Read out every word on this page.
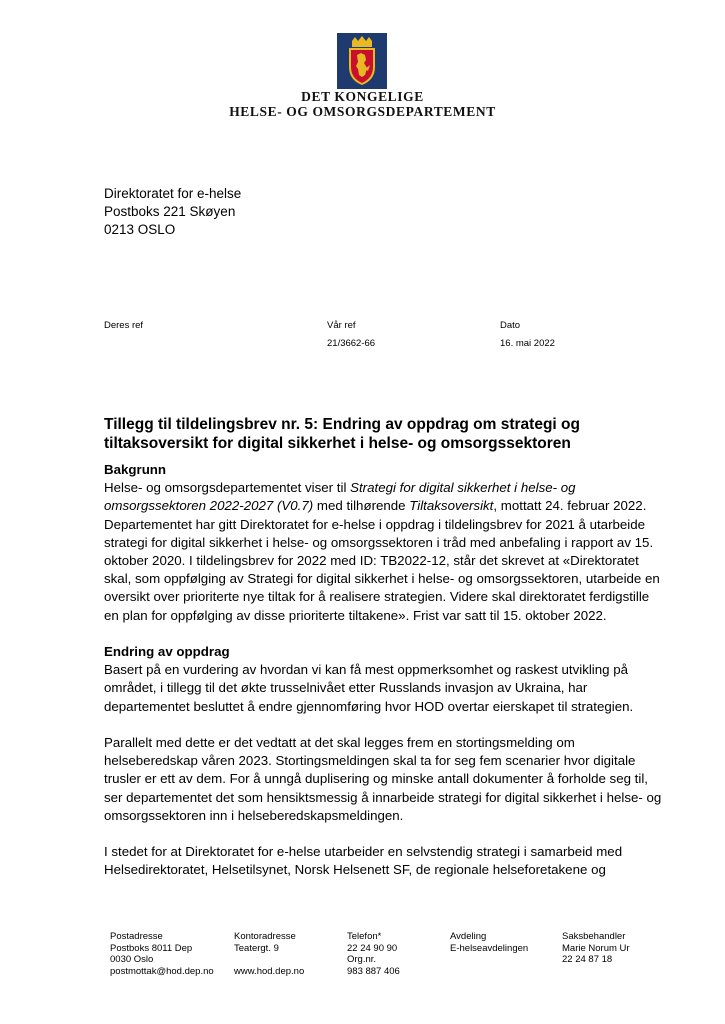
DET KONGELIGE
HELSE- OG OMSORGSDEPARTEMENT
Direktoratet for e-helse
Postboks 221 Skøyen
0213 OSLO
Deres ref	Vår ref
21/3662-66
Dato
16. mai 2022
Tillegg til tildelingsbrev nr. 5: Endring av oppdrag om strategi og tiltaksoversikt for digital sikkerhet i helse- og omsorgssektoren
Bakgrunn

Helse- og omsorgsdepartementet viser til Strategi for digital sikkerhet i helse- og omsorgssektoren 2022-2027 (V0.7) med tilhørende Tiltaksoversikt, mottatt 24. februar 2022. Departementet har gitt Direktoratet for e-helse i oppdrag i tildelingsbrev for 2021 å utarbeide strategi for digital sikkerhet i helse- og omsorgssektoren i tråd med anbefaling i rapport av 15. oktober 2020. I tildelingsbrev for 2022 med ID: TB2022-12, står det skrevet at «Direktoratet skal, som oppfølging av Strategi for digital sikkerhet i helse- og omsorgssektoren, utarbeide en oversikt over prioriterte nye tiltak for å realisere strategien. Videre skal direktoratet ferdigstille en plan for oppfølging av disse prioriterte tiltakene». Frist var satt til 15. oktober 2022.

Endring av oppdrag

Basert på en vurdering av hvordan vi kan få mest oppmerksomhet og raskest utvikling på området, i tillegg til det økte trusselnivået etter Russlands invasjon av Ukraina, har departementet besluttet å endre gjennomføring hvor HOD overtar eierskapet til strategien.

Parallelt med dette er det vedtatt at det skal legges frem en stortingsmelding om helseberedskap våren 2023. Stortingsmeldingen skal ta for seg fem scenarier hvor digitale trusler er ett av dem. For å unngå duplisering og minske antall dokumenter å forholde seg til, ser departementet det som hensiktsmessig å innarbeide strategi for digital sikkerhet i helse- og omsorgssektoren inn i helseberedskapsmeldingen.

I stedet for at Direktoratet for e-helse utarbeider en selvstendig strategi i samarbeid med Helsedirektoratet, Helsetilsynet, Norsk Helsenett SF, de regionale helseforetakene og

Postadresse
Postboks 8011 Dep
0030 Oslo
postmottak@hod.dep.no
Kontoradresse
Teatergt. 9

www.hod.dep.no
Telefon*
22 24 90 90
Org.nr.
983 887 406
Avdeling
E-helseavdelingen
Saksbehandler
Marie Norum Ur
22 24 87 18
